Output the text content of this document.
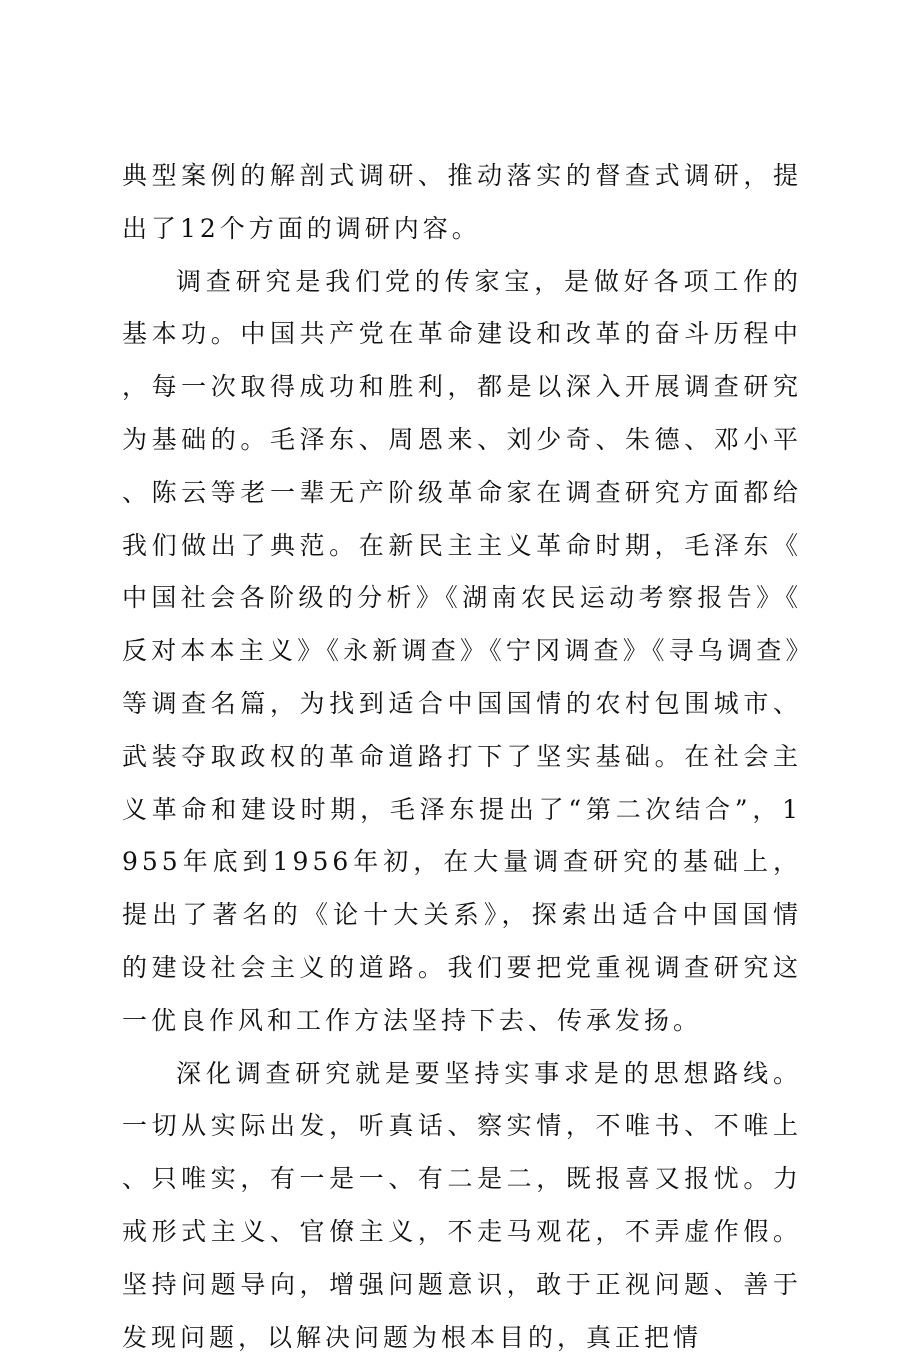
典型案例的解剖式调研、推动落实的督查式调研，提出了12个方面的调研内容。

调查研究是我们党的传家宝，是做好各项工作的基本功。中国共产党在革命建设和改革的奋斗历程中，每一次取得成功和胜利，都是以深入开展调查研究为基础的。毛泽东、周恩来、刘少奇、朱德、邓小平、陈云等老一辈无产阶级革命家在调查研究方面都给我们做出了典范。在新民主主义革命时期，毛泽东《中国社会各阶级的分析》《湖南农民运动考察报告》《反对本本主义》《永新调查》《宁冈调查》《寻乌调查》等调查名篇，为找到适合中国国情的农村包围城市、武装夺取政权的革命道路打下了坚实基础。在社会主义革命和建设时期，毛泽东提出了“第二次结合”，1955年底到1956年初，在大量调查研究的基础上，提出了著名的《论十大关系》，探索出适合中国国情的建设社会主义的道路。我们要把党重视调查研究这一优良作风和工作方法坚持下去、传承发扬。

深化调查研究就是要坚持实事求是的思想路线。一切从实际出发，听真话、察实情，不唯书、不唯上、只唯实，有一是一、有二是二，既报喜又报忧。力戒形式主义、官僚主义，不走马观花，不弄虚作假。坚持问题导向，增强问题意识，敢于正视问题、善于发现问题，以解决问题为根本目的，真正把情
